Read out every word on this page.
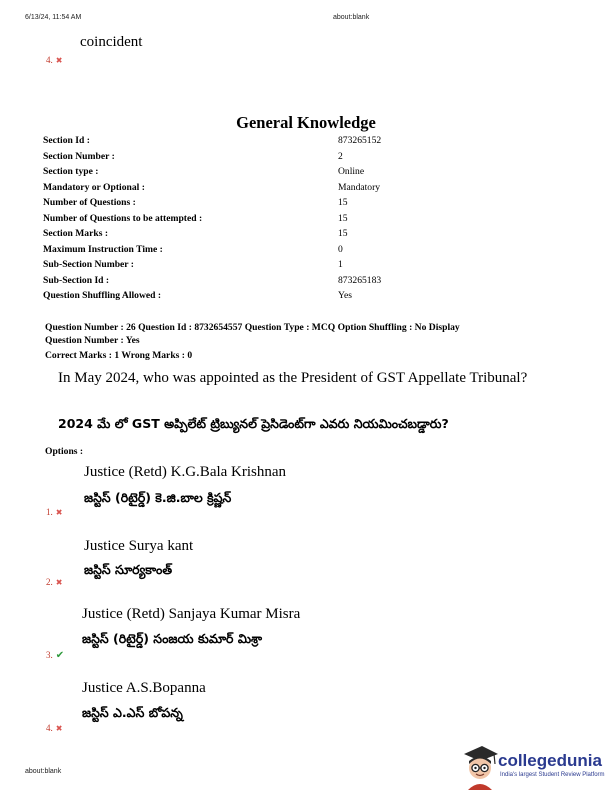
6/13/24, 11:54 AM	about:blank
coincident
4. ✖
General Knowledge
Section Id :	873265152
Section Number :	2
Section type :	Online
Mandatory or Optional :	Mandatory
Number of Questions :	15
Number of Questions to be attempted :	15
Section Marks :	15
Maximum Instruction Time :	0
Sub-Section Number :	1
Sub-Section Id :	873265183
Question Shuffling Allowed :	Yes
Question Number : 26 Question Id : 8732654557 Question Type : MCQ Option Shuffling : No Display
Question Number : Yes
Correct Marks : 1 Wrong Marks : 0
In May 2024, who was appointed as the President of GST Appellate Tribunal?
2024 మే లో GST అప్పిలేట్ ట్రిబ్యునల్ ప్రెసిడెంట్‌గా ఎవరు నియమించబడ్డారు?
Options :
Justice (Retd) K.G.Bala Krishnan
జస్టిస్ (రిటైర్డ్) కె.జి.బాల క్రిష్ణన్
1. ✖
Justice Surya kant
జస్టిస్ సూర్యకాంత్
2. ✖
Justice (Retd) Sanjaya Kumar Misra
జస్టిస్ (రిటైర్డ్) సంజయ కుమార్ మిశ్రా
3. ✔
Justice A.S.Bopanna
జస్టిస్ ఎ.ఎస్ బోపన్న
4. ✖
about:blank
collegedunia
India's largest Student Review Platform
